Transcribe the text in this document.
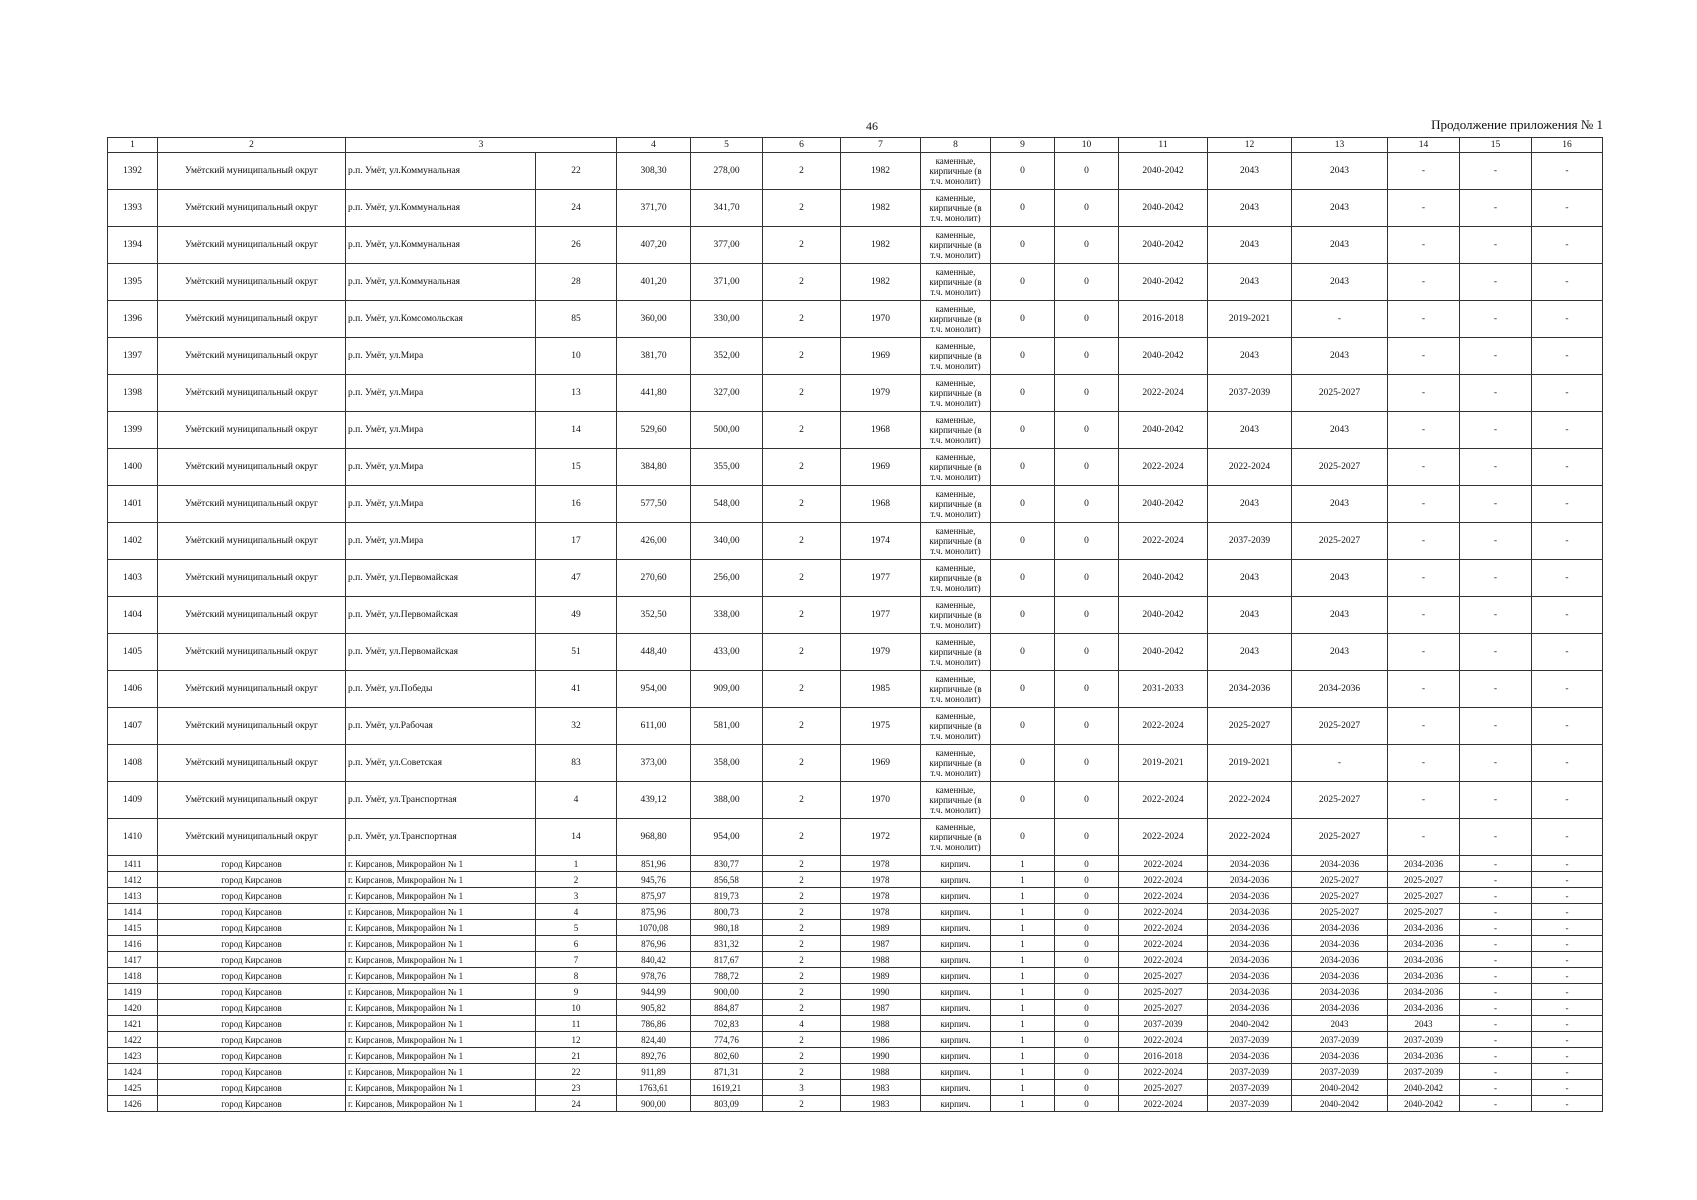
46	Продолжение приложения № 1
1	2	3		4	5	6	7	8	9	10	11	12	13	14	15	16
1392	Умётский муниципальный округ	р.п. Умёт, ул.Коммунальная	22	308,30	278,00	2	1982	каменные, кирпичные (в т.ч. монолит)	0	0	2040-2042	2043	2043	-	-	-
1393	Умётский муниципальный округ	р.п. Умёт, ул.Коммунальная	24	371,70	341,70	2	1982	каменные, кирпичные (в т.ч. монолит)	0	0	2040-2042	2043	2043	-	-	-
1394	Умётский муниципальный округ	р.п. Умёт, ул.Коммунальная	26	407,20	377,00	2	1982	каменные, кирпичные (в т.ч. монолит)	0	0	2040-2042	2043	2043	-	-	-
1395	Умётский муниципальный округ	р.п. Умёт, ул.Коммунальная	28	401,20	371,00	2	1982	каменные, кирпичные (в т.ч. монолит)	0	0	2040-2042	2043	2043	-	-	-
1396	Умётский муниципальный округ	р.п. Умёт, ул.Комсомольская	85	360,00	330,00	2	1970	каменные, кирпичные (в т.ч. монолит)	0	0	2016-2018	2019-2021	-	-	-	-
1397	Умётский муниципальный округ	р.п. Умёт, ул.Мира	10	381,70	352,00	2	1969	каменные, кирпичные (в т.ч. монолит)	0	0	2040-2042	2043	2043	-	-	-
1398	Умётский муниципальный округ	р.п. Умёт, ул.Мира	13	441,80	327,00	2	1979	каменные, кирпичные (в т.ч. монолит)	0	0	2022-2024	2037-2039	2025-2027	-	-	-
1399	Умётский муниципальный округ	р.п. Умёт, ул.Мира	14	529,60	500,00	2	1968	каменные, кирпичные (в т.ч. монолит)	0	0	2040-2042	2043	2043	-	-	-
1400	Умётский муниципальный округ	р.п. Умёт, ул.Мира	15	384,80	355,00	2	1969	каменные, кирпичные (в т.ч. монолит)	0	0	2022-2024	2022-2024	2025-2027	-	-	-
1401	Умётский муниципальный округ	р.п. Умёт, ул.Мира	16	577,50	548,00	2	1968	каменные, кирпичные (в т.ч. монолит)	0	0	2040-2042	2043	2043	-	-	-
1402	Умётский муниципальный округ	р.п. Умёт, ул.Мира	17	426,00	340,00	2	1974	каменные, кирпичные (в т.ч. монолит)	0	0	2022-2024	2037-2039	2025-2027	-	-	-
1403	Умётский муниципальный округ	р.п. Умёт, ул.Первомайская	47	270,60	256,00	2	1977	каменные, кирпичные (в т.ч. монолит)	0	0	2040-2042	2043	2043	-	-	-
1404	Умётский муниципальный округ	р.п. Умёт, ул.Первомайская	49	352,50	338,00	2	1977	каменные, кирпичные (в т.ч. монолит)	0	0	2040-2042	2043	2043	-	-	-
1405	Умётский муниципальный округ	р.п. Умёт, ул.Первомайская	51	448,40	433,00	2	1979	каменные, кирпичные (в т.ч. монолит)	0	0	2040-2042	2043	2043	-	-	-
1406	Умётский муниципальный округ	р.п. Умёт, ул.Победы	41	954,00	909,00	2	1985	каменные, кирпичные (в т.ч. монолит)	0	0	2031-2033	2034-2036	2034-2036	-	-	-
1407	Умётский муниципальный округ	р.п. Умёт, ул.Рабочая	32	611,00	581,00	2	1975	каменные, кирпичные (в т.ч. монолит)	0	0	2022-2024	2025-2027	2025-2027	-	-	-
1408	Умётский муниципальный округ	р.п. Умёт, ул.Советская	83	373,00	358,00	2	1969	каменные, кирпичные (в т.ч. монолит)	0	0	2019-2021	2019-2021	-	-	-	-
1409	Умётский муниципальный округ	р.п. Умёт, ул.Транспортная	4	439,12	388,00	2	1970	каменные, кирпичные (в т.ч. монолит)	0	0	2022-2024	2022-2024	2025-2027	-	-	-
1410	Умётский муниципальный округ	р.п. Умёт, ул.Транспортная	14	968,80	954,00	2	1972	каменные, кирпичные (в т.ч. монолит)	0	0	2022-2024	2022-2024	2025-2027	-	-	-
1411	город Кирсанов	г. Кирсанов, Микрорайон № 1	1	851,96	830,77	2	1978	кирпич.	1	0	2022-2024	2034-2036	2034-2036	2034-2036	-	-
1412	город Кирсанов	г. Кирсанов, Микрорайон № 1	2	945,76	856,58	2	1978	кирпич.	1	0	2022-2024	2034-2036	2025-2027	2025-2027	-	-
1413	город Кирсанов	г. Кирсанов, Микрорайон № 1	3	875,97	819,73	2	1978	кирпич.	1	0	2022-2024	2034-2036	2025-2027	2025-2027	-	-
1414	город Кирсанов	г. Кирсанов, Микрорайон № 1	4	875,96	800,73	2	1978	кирпич.	1	0	2022-2024	2034-2036	2025-2027	2025-2027	-	-
1415	город Кирсанов	г. Кирсанов, Микрорайон № 1	5	1070,08	980,18	2	1989	кирпич.	1	0	2022-2024	2034-2036	2034-2036	2034-2036	-	-
1416	город Кирсанов	г. Кирсанов, Микрорайон № 1	6	876,96	831,32	2	1987	кирпич.	1	0	2022-2024	2034-2036	2034-2036	2034-2036	-	-
1417	город Кирсанов	г. Кирсанов, Микрорайон № 1	7	840,42	817,67	2	1988	кирпич.	1	0	2022-2024	2034-2036	2034-2036	2034-2036	-	-
1418	город Кирсанов	г. Кирсанов, Микрорайон № 1	8	978,76	788,72	2	1989	кирпич.	1	0	2025-2027	2034-2036	2034-2036	2034-2036	-	-
1419	город Кирсанов	г. Кирсанов, Микрорайон № 1	9	944,99	900,00	2	1990	кирпич.	1	0	2025-2027	2034-2036	2034-2036	2034-2036	-	-
1420	город Кирсанов	г. Кирсанов, Микрорайон № 1	10	905,82	884,87	2	1987	кирпич.	1	0	2025-2027	2034-2036	2034-2036	2034-2036	-	-
1421	город Кирсанов	г. Кирсанов, Микрорайон № 1	11	786,86	702,83	4	1988	кирпич.	1	0	2037-2039	2040-2042	2043	2043	-	-
1422	город Кирсанов	г. Кирсанов, Микрорайон № 1	12	824,40	774,76	2	1986	кирпич.	1	0	2022-2024	2037-2039	2037-2039	2037-2039	-	-
1423	город Кирсанов	г. Кирсанов, Микрорайон № 1	21	892,76	802,60	2	1990	кирпич.	1	0	2016-2018	2034-2036	2034-2036	2034-2036	-	-
1424	город Кирсанов	г. Кирсанов, Микрорайон № 1	22	911,89	871,31	2	1988	кирпич.	1	0	2022-2024	2037-2039	2037-2039	2037-2039	-	-
1425	город Кирсанов	г. Кирсанов, Микрорайон № 1	23	1763,61	1619,21	3	1983	кирпич.	1	0	2025-2027	2037-2039	2040-2042	2040-2042	-	-
1426	город Кирсанов	г. Кирсанов, Микрорайон № 1	24	900,00	803,09	2	1983	кирпич.	1	0	2022-2024	2037-2039	2040-2042	2040-2042	-	-
